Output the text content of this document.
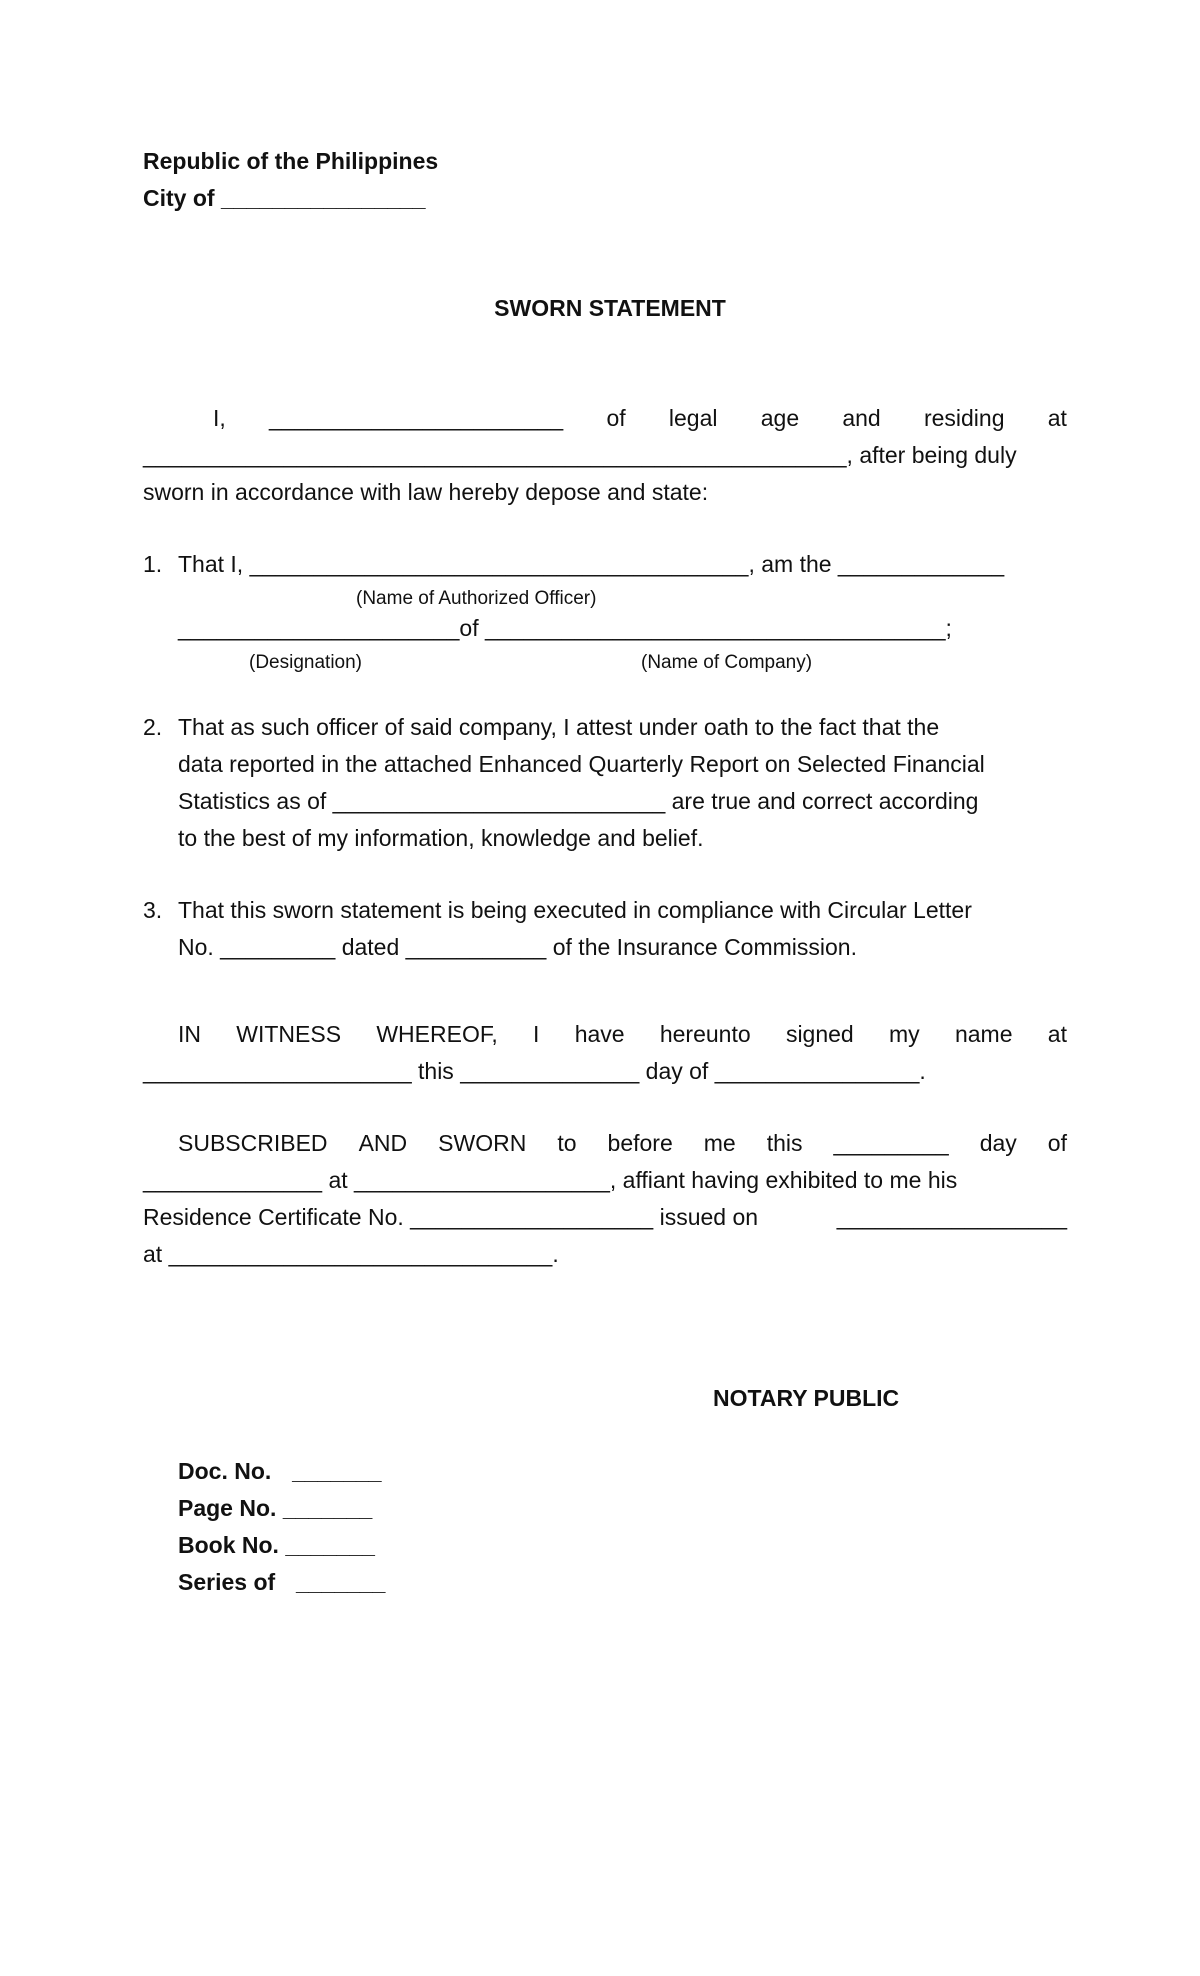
Republic of the Philippines
City of ________________
SWORN STATEMENT
I, _______________________ of legal age and residing at
_______________________________________________________, after being duly
sworn in accordance with law hereby depose and state:
1. That I, _______________________________________, am the _____________
(Name of Authorized Officer)
______________________of ____________________________________;
(Designation)	(Name of Company)
2. That as such officer of said company, I attest under oath to the fact that the
data reported in the attached Enhanced Quarterly Report on Selected Financial
Statistics as of __________________________ are true and correct according
to the best of my information, knowledge and belief.
3. That this sworn statement is being executed in compliance with Circular Letter
No. _________ dated ___________ of the Insurance Commission.
IN WITNESS WHEREOF, I have hereunto signed my name at
_____________________ this ______________ day of ________________.
SUBSCRIBED AND SWORN to before me this _________ day of
______________ at ____________________, affiant having exhibited to me his
Residence Certificate No. ___________________ issued on	__________________
at ______________________________.
NOTARY PUBLIC
Doc. No. _______
Page No. _______
Book No. _______
Series of _______
